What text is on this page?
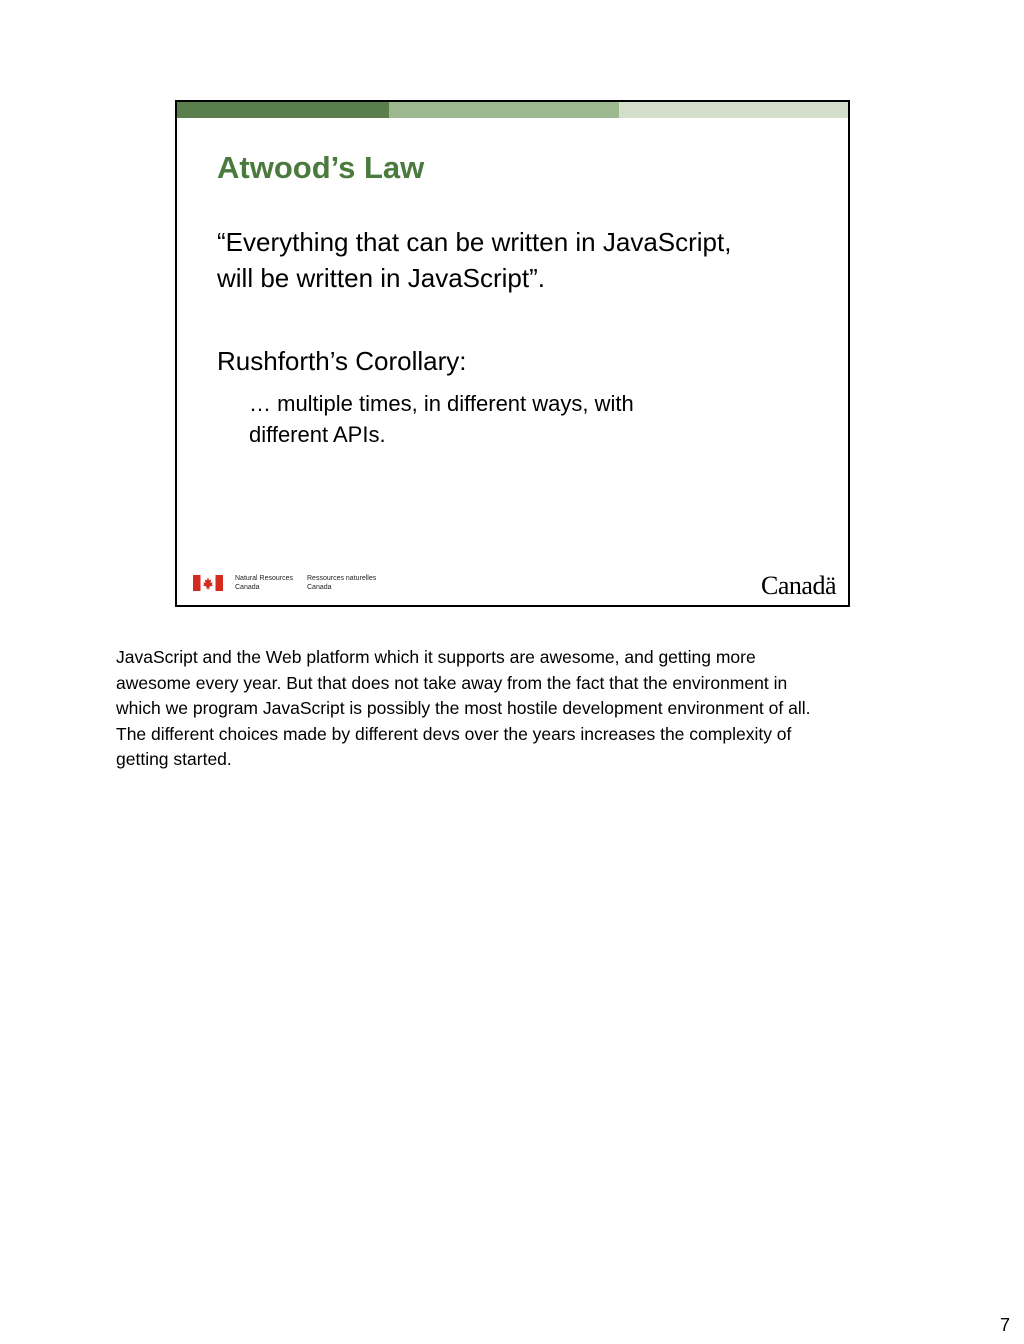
Atwood’s Law
“Everything that can be written in JavaScript,
will be written in JavaScript”.
Rushforth’s Corollary:
… multiple times, in different ways, with
different APIs.
Natural Resources
Canada
Ressources naturelles
Canada	Canadä
JavaScript and the Web platform which it supports are awesome, and getting more
awesome every year. But that does not take away from the fact that the environment in
which we program JavaScript is possibly the most hostile development environment of all.
The different choices made by different devs over the years increases the complexity of
getting started.
7
